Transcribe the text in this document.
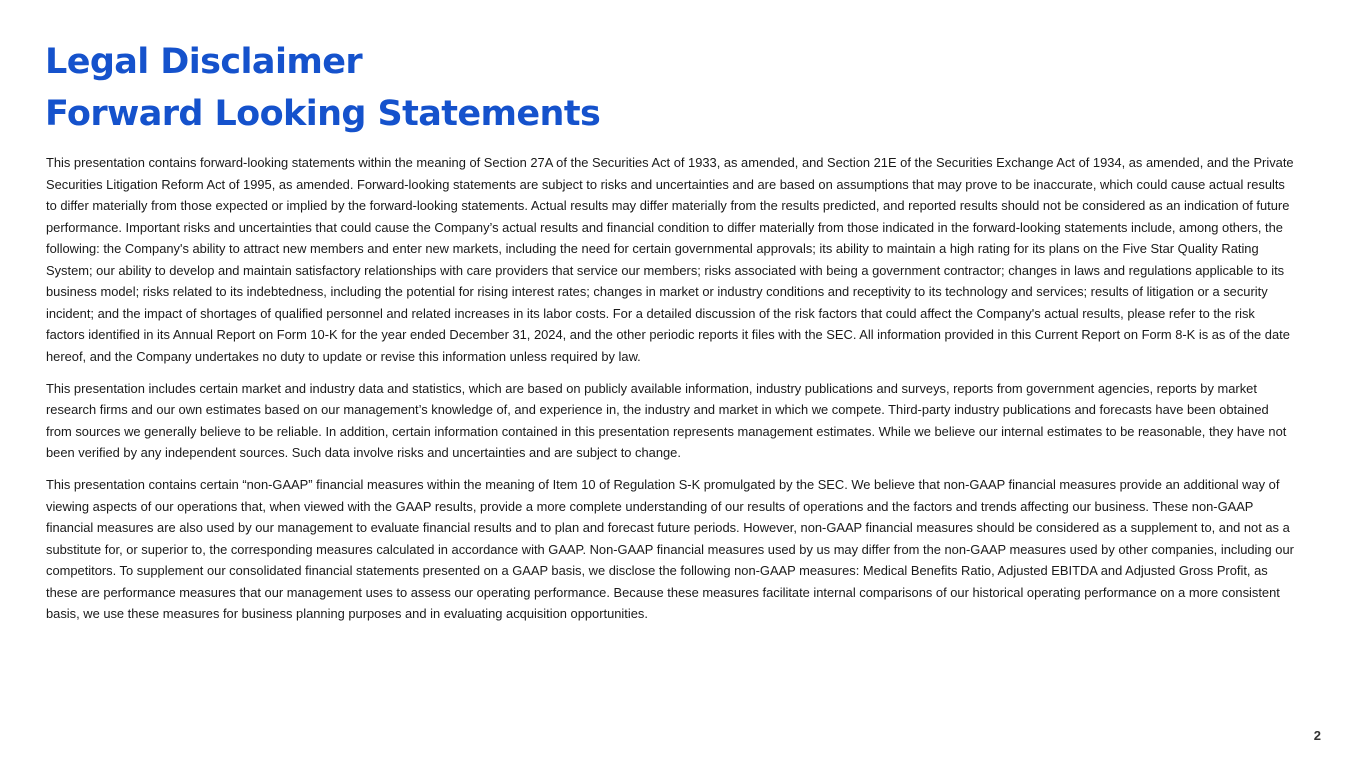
Legal Disclaimer
Forward Looking Statements

This presentation contains forward-looking statements within the meaning of Section 27A of the Securities Act of 1933, as amended, and Section 21E of the Securities Exchange Act of 1934, as amended, and the Private Securities Litigation Reform Act of 1995, as amended. Forward-looking statements are subject to risks and uncertainties and are based on assumptions that may prove to be inaccurate, which could cause actual results to differ materially from those expected or implied by the forward-looking statements. Actual results may differ materially from the results predicted, and reported results should not be considered as an indication of future performance. Important risks and uncertainties that could cause the Company’s actual results and financial condition to differ materially from those indicated in the forward-looking statements include, among others, the following: the Company's ability to attract new members and enter new markets, including the need for certain governmental approvals; its ability to maintain a high rating for its plans on the Five Star Quality Rating System; our ability to develop and maintain satisfactory relationships with care providers that service our members; risks associated with being a government contractor; changes in laws and regulations applicable to its business model; risks related to its indebtedness, including the potential for rising interest rates; changes in market or industry conditions and receptivity to its technology and services; results of litigation or a security incident; and the impact of shortages of qualified personnel and related increases in its labor costs. For a detailed discussion of the risk factors that could affect the Company's actual results, please refer to the risk factors identified in its Annual Report on Form 10-K for the year ended December 31, 2024, and the other periodic reports it files with the SEC. All information provided in this Current Report on Form 8-K is as of the date hereof, and the Company undertakes no duty to update or revise this information unless required by law.

This presentation includes certain market and industry data and statistics, which are based on publicly available information, industry publications and surveys, reports from government agencies, reports by market research firms and our own estimates based on our management’s knowledge of, and experience in, the industry and market in which we compete. Third-party industry publications and forecasts have been obtained from sources we generally believe to be reliable. In addition, certain information contained in this presentation represents management estimates. While we believe our internal estimates to be reasonable, they have not been verified by any independent sources. Such data involve risks and uncertainties and are subject to change.

This presentation contains certain “non-GAAP” financial measures within the meaning of Item 10 of Regulation S-K promulgated by the SEC. We believe that non-GAAP financial measures provide an additional way of viewing aspects of our operations that, when viewed with the GAAP results, provide a more complete understanding of our results of operations and the factors and trends affecting our business. These non-GAAP financial measures are also used by our management to evaluate financial results and to plan and forecast future periods. However, non-GAAP financial measures should be considered as a supplement to, and not as a substitute for, or superior to, the corresponding measures calculated in accordance with GAAP. Non-GAAP financial measures used by us may differ from the non-GAAP measures used by other companies, including our competitors. To supplement our consolidated financial statements presented on a GAAP basis, we disclose the following non-GAAP measures: Medical Benefits Ratio, Adjusted EBITDA and Adjusted Gross Profit, as these are performance measures that our management uses to assess our operating performance. Because these measures facilitate internal comparisons of our historical operating performance on a more consistent basis, we use these measures for business planning purposes and in evaluating acquisition opportunities.

2
